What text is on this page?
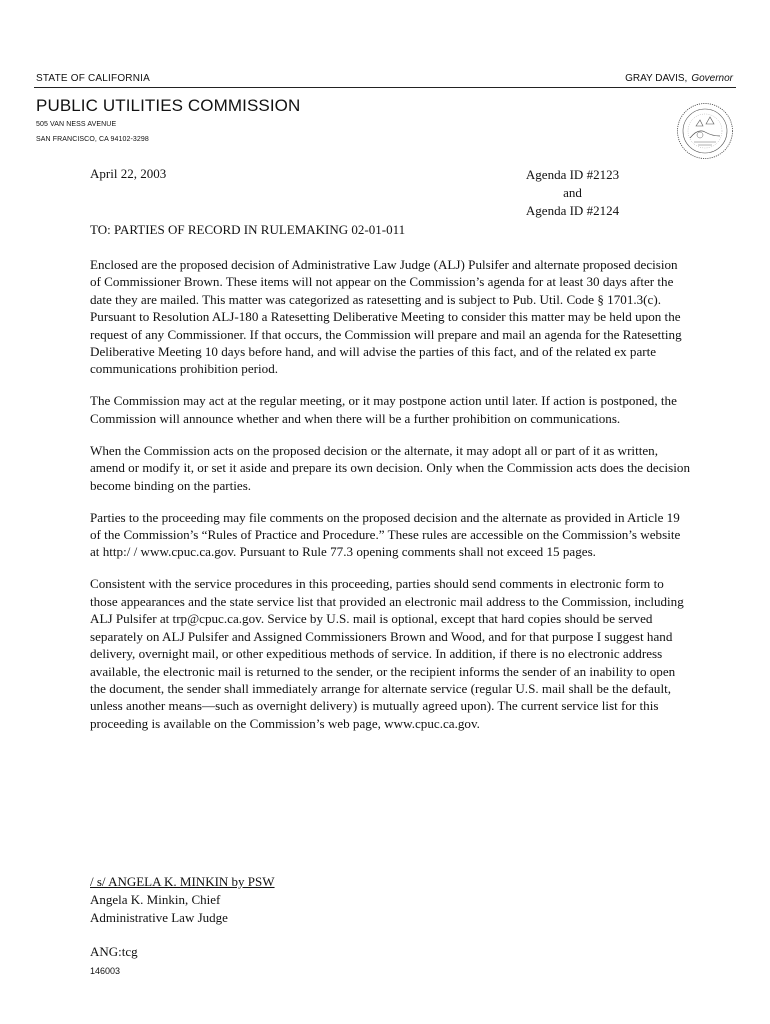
STATE OF CALIFORNIA	GRAY DAVIS, Governor
PUBLIC UTILITIES COMMISSION
505 VAN NESS AVENUE
SAN FRANCISCO, CA 94102-3298
April 22, 2003	Agenda ID #2123
and
Agenda ID #2124
TO: PARTIES OF RECORD IN RULEMAKING 02-01-011

Enclosed are the proposed decision of Administrative Law Judge (ALJ) Pulsifer and alternate proposed decision of Commissioner Brown. These items will not appear on the Commission’s agenda for at least 30 days after the date they are mailed. This matter was categorized as ratesetting and is subject to Pub. Util. Code § 1701.3(c). Pursuant to Resolution ALJ-180 a Ratesetting Deliberative Meeting to consider this matter may be held upon the request of any Commissioner. If that occurs, the Commission will prepare and mail an agenda for the Ratesetting Deliberative Meeting 10 days before hand, and will advise the parties of this fact, and of the related ex parte communications prohibition period.

The Commission may act at the regular meeting, or it may postpone action until later. If action is postponed, the Commission will announce whether and when there will be a further prohibition on communications.

When the Commission acts on the proposed decision or the alternate, it may adopt all or part of it as written, amend or modify it, or set it aside and prepare its own decision. Only when the Commission acts does the decision become binding on the parties.

Parties to the proceeding may file comments on the proposed decision and the alternate as provided in Article 19 of the Commission’s “Rules of Practice and Procedure.” These rules are accessible on the Commission’s website at http:/ / www.cpuc.ca.gov. Pursuant to Rule 77.3 opening comments shall not exceed 15 pages.

Consistent with the service procedures in this proceeding, parties should send comments in electronic form to those appearances and the state service list that provided an electronic mail address to the Commission, including ALJ Pulsifer at trp@cpuc.ca.gov. Service by U.S. mail is optional, except that hard copies should be served separately on ALJ Pulsifer and Assigned Commissioners Brown and Wood, and for that purpose I suggest hand delivery, overnight mail, or other expeditious methods of service. In addition, if there is no electronic address available, the electronic mail is returned to the sender, or the recipient informs the sender of an inability to open the document, the sender shall immediately arrange for alternate service (regular U.S. mail shall be the default, unless another means—such as overnight delivery) is mutually agreed upon). The current service list for this proceeding is available on the Commission’s web page, www.cpuc.ca.gov.

/ s/ ANGELA K. MINKIN by PSW
Angela K. Minkin, Chief
Administrative Law Judge
ANG:tcg
146003
